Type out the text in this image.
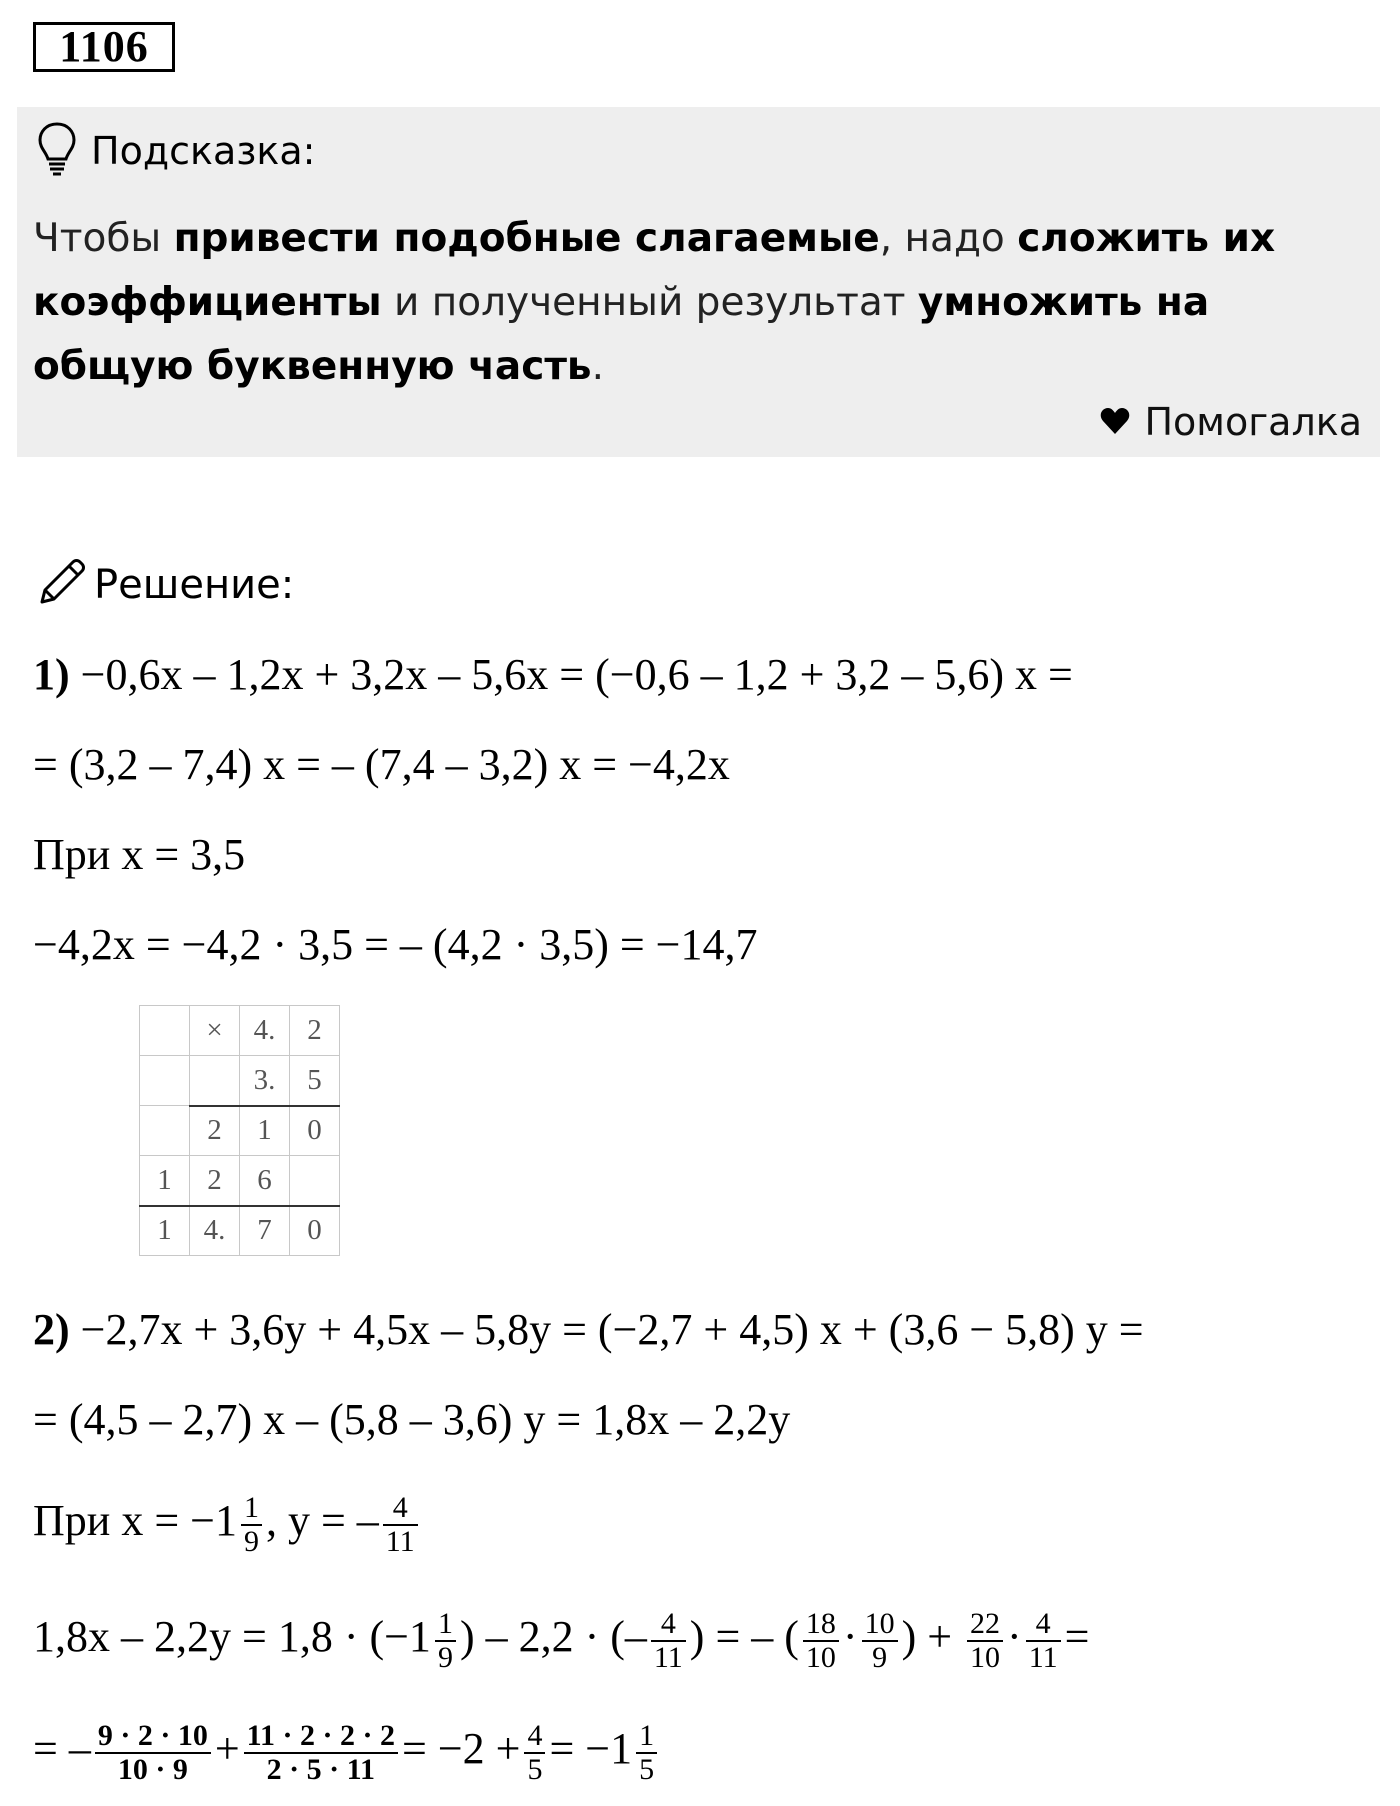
1106
Подсказка:
Чтобы привести подобные слагаемые, надо сложить их коэффициенты и полученный результат умножить на общую буквенную часть.
Помогалка
Решение:
1) −0,6x – 1,2x + 3,2x – 5,6x = (−0,6 – 1,2 + 3,2 – 5,6) x =
= (3,2 – 7,4) x = – (7,4 – 3,2) x = −4,2x
При x = 3,5
−4,2x = −4,2 · 3,5 = – (4,2 · 3,5) = −14,7
	×	4.	2
		3.	5
	2	1	0
1	2	6	
1	4.	7	0
2) −2,7x + 3,6y + 4,5x – 5,8y = (−2,7 + 4,5) x + (3,6 − 5,8) y =
= (4,5 – 2,7) x – (5,8 – 3,6) y = 1,8x – 2,2y
При $x = -1 \frac{1}{9}$ , y = – $\frac{4}{11}$
$1,8x - 2,2y = 1,8 \cdot (-1 \frac{1}{9}$ ) – 2,2 · (– $\frac{4}{11}$ ) = – ( $\frac{18}{10} \cdot \frac{10}{9}$ ) + $\frac{22}{10} \cdot \frac{4}{11}$ =
= – $\frac{9 \cdot 2 \cdot 10}{10 \cdot 9} + \frac{11 \cdot 2 \cdot 2 \cdot 2}{2 \cdot 5 \cdot 11} = -2 + \frac{4}{5} = -1 \frac{1}{5}$
